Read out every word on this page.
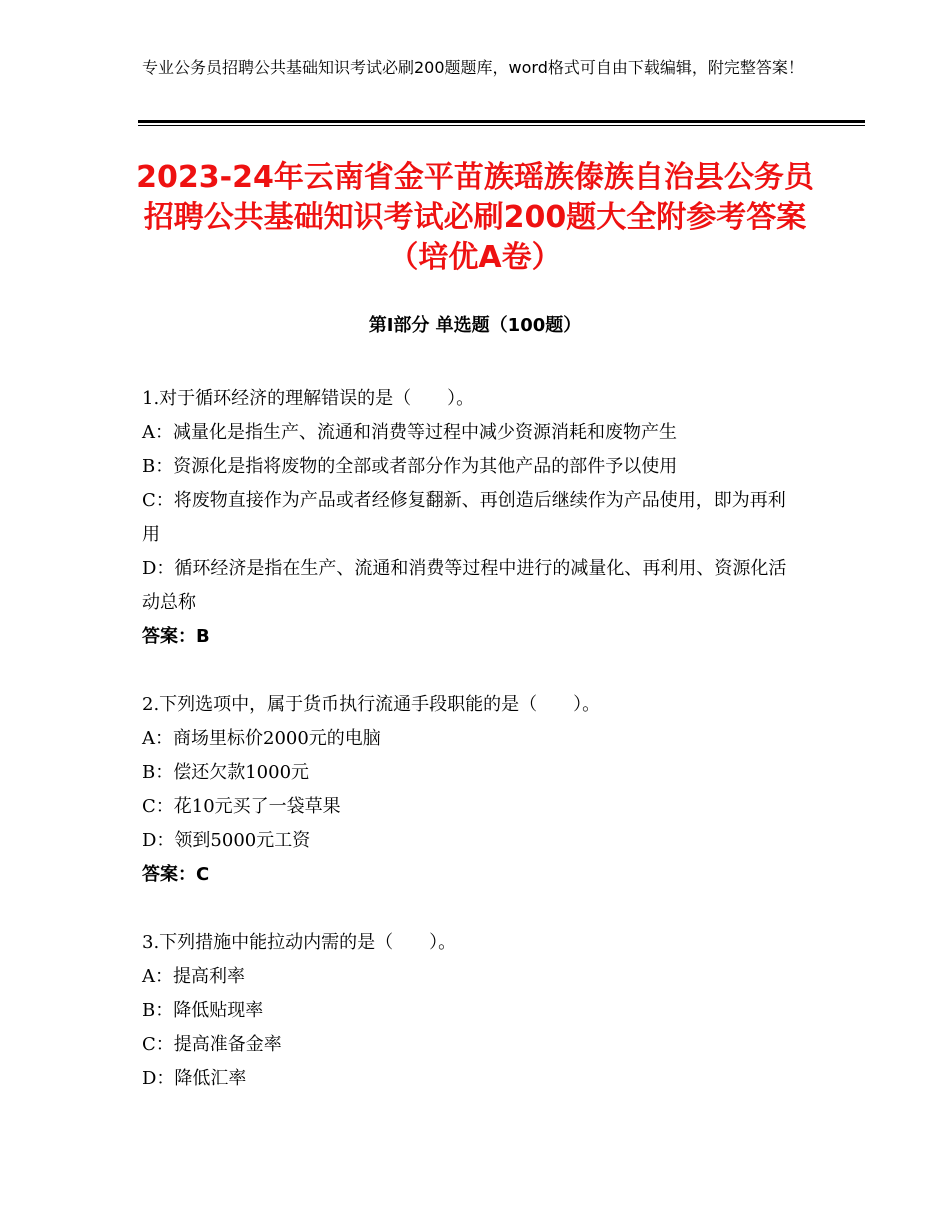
专业公务员招聘公共基础知识考试必刷200题题库，word格式可自由下载编辑，附完整答案！
2023-24年云南省金平苗族瑶族傣族自治县公务员招聘公共基础知识考试必刷200题大全附参考答案（培优A卷）
第Ⅰ部分 单选题（100题）
1.对于循环经济的理解错误的是（　　）。
A：减量化是指生产、流通和消费等过程中减少资源消耗和废物产生
B：资源化是指将废物的全部或者部分作为其他产品的部件予以使用
C：将废物直接作为产品或者经修复翻新、再创造后继续作为产品使用，即为再利用
D：循环经济是指在生产、流通和消费等过程中进行的减量化、再利用、资源化活动总称
答案：B
2.下列选项中，属于货币执行流通手段职能的是（　　）。
A：商场里标价2000元的电脑
B：偿还欠款1000元
C：花10元买了一袋草果
D：领到5000元工资
答案：C
3.下列措施中能拉动内需的是（　　）。
A：提高利率
B：降低贴现率
C：提高准备金率
D：降低汇率
